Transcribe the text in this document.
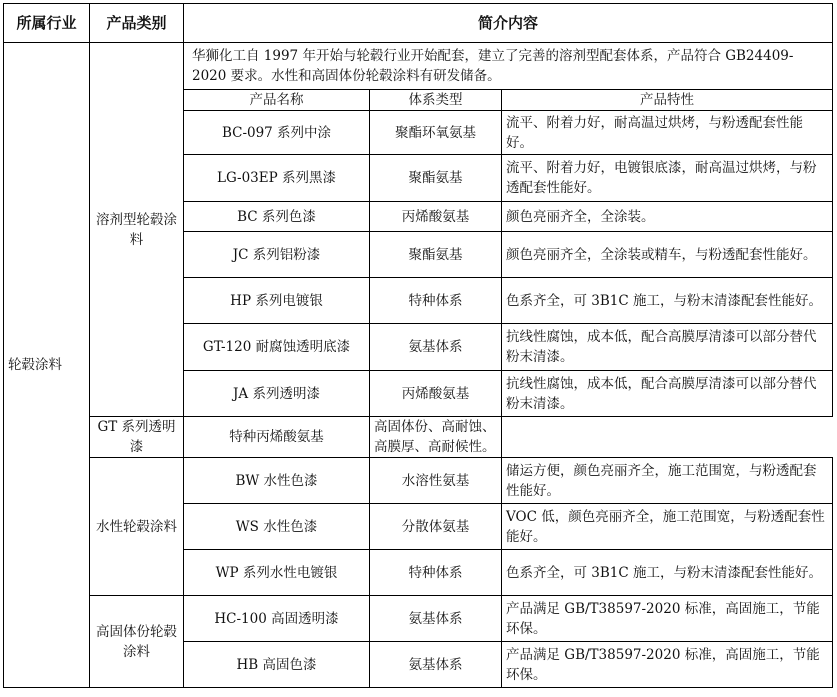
所属行业	产品类别	简介内容		
轮毂涂料	溶剂型轮毂涂料	华狮化工自 1997 年开始与轮毂行业开始配套，建立了完善的溶剂型配套体系，产品符合 GB24409-2020 要求。水性和高固体份轮毂涂料有研发储备。		
		产品名称	体系类型	产品特性
		BC-097 系列中涂	聚酯环氧氨基	流平、附着力好，耐高温过烘烤，与粉透配套性能好。
		LG-03EP 系列黑漆	聚酯氨基	流平、附着力好，电镀银底漆，耐高温过烘烤，与粉透配套性能好。
		BC 系列色漆	丙烯酸氨基	颜色亮丽齐全，全涂装。
		JC 系列铝粉漆	聚酯氨基	颜色亮丽齐全，全涂装或精车，与粉透配套性能好。
		HP 系列电镀银	特种体系	色系齐全，可 3B1C 施工，与粉末清漆配套性能好。
		GT-120 耐腐蚀透明底漆	氨基体系	抗线性腐蚀，成本低，配合高膜厚清漆可以部分替代粉末清漆。
		JA 系列透明漆	丙烯酸氨基	抗线性腐蚀，成本低，配合高膜厚清漆可以部分替代粉末清漆。
	GT 系列透明漆	特种丙烯酸氨基	高固体份、高耐蚀、高膜厚、高耐候性。	
	水性轮毂涂料	BW 水性色漆	水溶性氨基	储运方便，颜色亮丽齐全，施工范围宽，与粉透配套性能好。
		WS 水性色漆	分散体氨基	VOC 低，颜色亮丽齐全，施工范围宽，与粉透配套性能好。
		WP 系列水性电镀银	特种体系	色系齐全，可 3B1C 施工，与粉末清漆配套性能好。
	高固体份轮毂涂料	HC-100 高固透明漆	氨基体系	产品满足 GB/T38597-2020 标准，高固施工，节能环保。
		HB 高固色漆	氨基体系	产品满足 GB/T38597-2020 标准，高固施工，节能环保。
